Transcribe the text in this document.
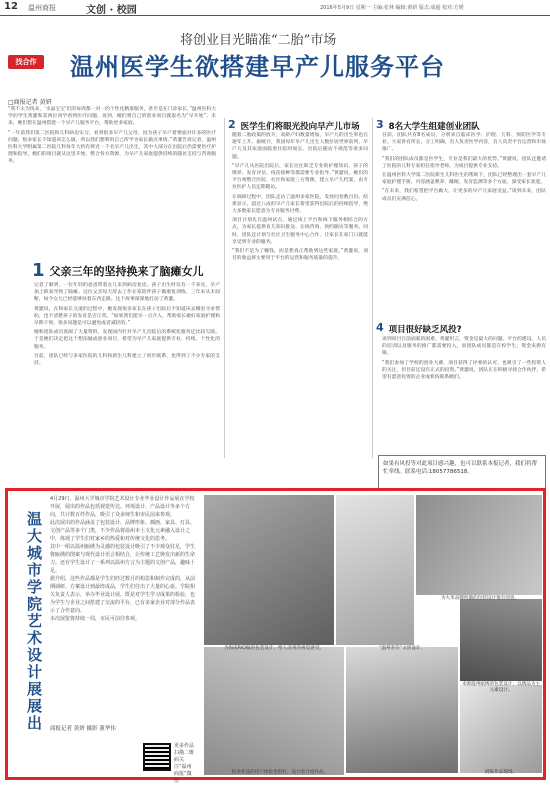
12 温州商报	文创 · 校园	2016年5月9日 星期一 主编:张林 编辑:黄妍 版式:成超 校对:方媛
找合作
将创业目光瞄准“二胎”市场
温州医学生欲搭建早产儿服务平台
□商报记者 黄妍

“我不太为钱来，‘水晶宝宝’们的每周都一对一的个性化精准服务，甚至是在门诊家长，”温州医科大学的学生黄灌和其两位同学看到医疗问题，说到，她们将自己的创业项目就取名为“早开始”。未来，她们想在温州搭建一个早产儿服务平台，帮助更多家庭。

“一年前我们第二医院和儿科病房实习，看到很多早产儿父母，因为孩子早产着要面对许多的医疗问题，很多家长不知道该怎么做，所以我们想利用自己所学为家长做点事情。”黄灌告诉记者，温州医科大学附属第二医院儿科每年大约有将近一千名早产儿出生，其中大部分在出院后仍需要医疗护理和指导。她们的项目就从这里开始，整合各方资源，为早产儿家庭提供持续的随访支持与咨询服务。

1 父亲三年的坚持换来了脑瘫女儿

记者了解到，一位年轻的爸爸带着女儿来到病房复诊。孩子出生时仅有一千多克，早产加上缺氧导致了脑瘫。这位父亲每天辞去工作在家陪伴孩子做康复训练，三年来从未间断，如今女儿已经能够扶着东西走路。这个故事深深地打动了黄灌。

黄灌说，在和家长交流的过程中，她发现很多家长在孩子出院后不知道该去哪里寻求帮助，也不清楚孩子的发育是否正常。“如果我们能早一点介入，帮助家长做好家庭护理和早期干预，很多问题是可以避免或者减轻的。”

她和团队成员查阅了大量资料，发现国内针对早产儿出院后的系统化服务还比较欠缺。于是她们决定把这个想法做成创业项目，希望为早产儿家庭提供专业、持续、个性化的服务。

目前，团队已经与多家医院的儿科和新生儿科建立了初步联系，也得到了不少专家的支持。

2 医学生们将眼光投向早产儿市场

随着二胎政策的放开，高龄产妇数量增加，早产儿的出生率也在逐年上升。据统计，我国每年早产儿出生人数位居世界前列，早产儿及其家庭面临着住院时间长、出院后随访不规范等诸多问题。

“早产儿从医院出院后，家长往往缺乏专业的护理知识，孩子的喂养、发育评估、疫苗接种等都需要专业指导。”黄灌说，她们的平台将整合医院、社区和家庭三方资源，建立早产儿档案，由专业医护人员定期随访。

在调研过程中，团队走访了温州多家医院，发放问卷数百份。结果显示，超过八成的早产儿家长希望获得出院后的持续指导，绝大多数家长愿意为专业服务付费。

项目计划先在温州试点，通过线上平台和线下服务相结合的方式，为家长提供育儿知识推送、在线咨询、预约随访等服务。同时，团队还计划与社区卫生服务中心合作，让家长在家门口就能享受到专业的服务。

“我们不是为了赚钱，而是想真正帮助到这些家庭。”黄灌说，项目的收益将主要用于平台的运营和服务质量的提升。

3 8名大学生组建创业团队

目前，团队共有8名成员，分别来自临床医学、护理、儿科、预防医学等专业。大家各有所长，分工明确，有人负责医学内容，有人负责平台运营和市场推广。

“我们的团队成员都是医学生，专业是我们最大的优势。”黄灌说，团队还邀请了医院的儿科专家担任指导老师，为项目提供专业支持。

在温州医科大学第二医院新生儿科医生的帮助下，团队已经整理出一套早产儿家庭护理手册，内容涵盖喂养、睡眠、发育监测等多个方面，深受家长欢迎。

“在未来，我们希望把平台做大，让更多的早产儿家庭受益。”谈到未来，团队成员们充满信心。

4 项目很好缺乏风投?

谈到项目目前面临的困难，黄灌坦言，资金是最大的问题。平台的建设、人员的培训以及服务的推广都需要投入，而团队成员都是在校学生，资金来源有限。

“我们参加了学校的创业大赛，项目获得了评委的认可，也吸引了一些投资人的关注，但目前还没有正式的投资。”黄灌说，团队正在积极寻找合作伙伴，希望有愿意投资的企业或机构联系她们。

如果有风投等对此项目感兴趣，也可以联系本报记者，我们将帮忙牵线。联系电话:18057786518。
温大城市学院艺术设计展展出

4月29日，温州大学城市学院艺术设计专业毕业设计作品展在学校开展，展出的作品包括视觉传达、环境设计、产品设计等多个方向，共计数百件作品，吸引了众多师生和市民前来参观。

此次展出的作品涵盖了包装设计、品牌形象、插画、家具、灯具、文创产品等多个门类，不少作品将温州本土文化元素融入设计之中，体现了学生们对家乡的热爱和对传统文化的思考。

其中一组以温州瓯绣为灵感的包装设计吸引了不少观众驻足，学生将瓯绣的图案与现代设计语言相结合，让传统工艺焕发出新的生命力。还有学生设计了一系列以温州方言为主题的文创产品，趣味十足。

据介绍，这些作品都是学生们经过数月的构思和制作完成的，从前期调研、方案设计到最终成品，学生们付出了大量的心血。学院相关负责人表示，举办毕业设计展，既是对学生学习成果的检验，也为学生与企业之间搭建了交流的平台，已有多家企业对部分作品表示了合作意向。

本次展览将持续一周，市民可前往参观。

商报记者 黄妍 摄影 董华伟
更多作品扫描二维码关注“温州商报”微信
为大米品牌所做的包装设计很有创意。
为海南RIO做的包装设计，给人清爽的视觉感受。	“温州寄你”文创设计。
来源温州瓯绣的包装设计，以绣品为主元素设计。
很多作品的用户体验也很好，设计者介绍作品。	展陈作品现场。
